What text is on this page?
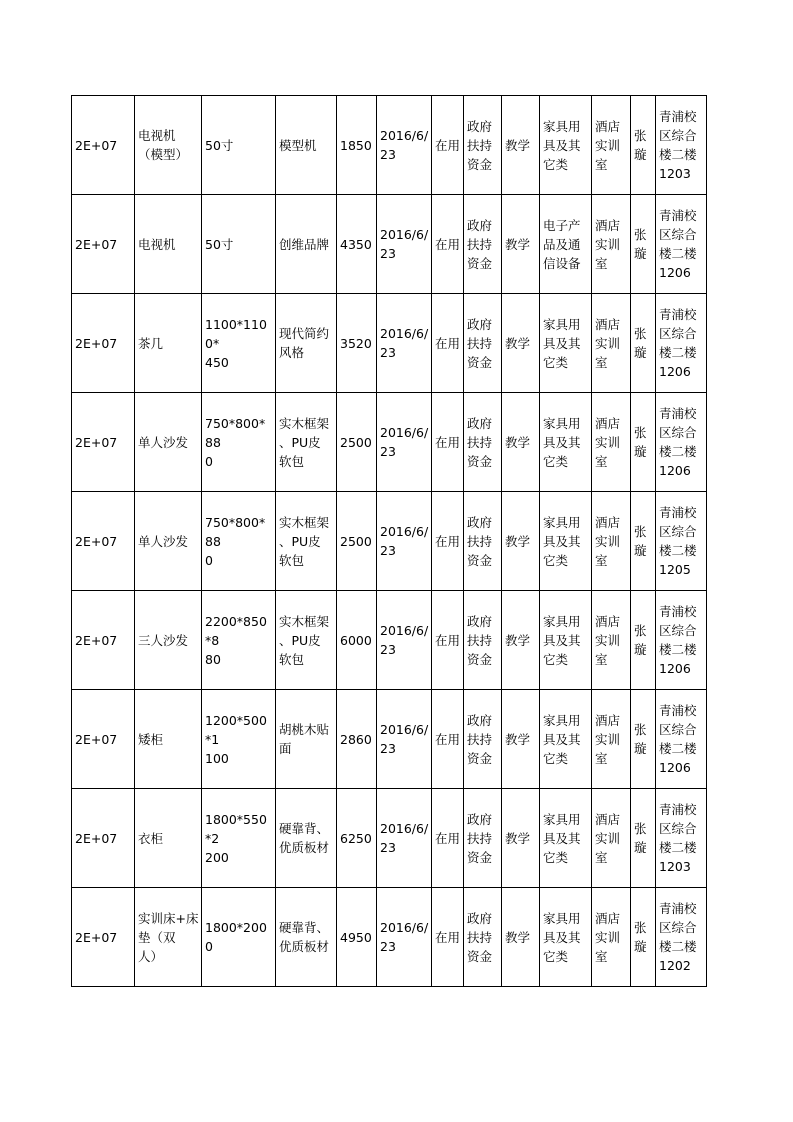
2E+07	电视机
（模型）	50寸	模型机	1850	2016/6/
23	在用	政府
扶持
资金	教学	家具用
具及其
它类	酒店
实训
室	张
璇	青浦校
区综合
楼二楼
1203

2E+07	电视机	50寸	创维品牌	4350	2016/6/
23	在用	政府
扶持
资金	教学	电子产
品及通
信设备	酒店
实训
室	张
璇	青浦校
区综合
楼二楼
1206

2E+07	茶几	1100*1100*
450	现代简约
风格	3520	2016/6/
23	在用	政府
扶持
资金	教学	家具用
具及其
它类	酒店
实训
室	张
璇	青浦校
区综合
楼二楼
1206

2E+07	单人沙发	750*800*88
0	实木框架
、PU皮
软包	2500	2016/6/
23	在用	政府
扶持
资金	教学	家具用
具及其
它类	酒店
实训
室	张
璇	青浦校
区综合
楼二楼
1206

2E+07	单人沙发	750*800*88
0	实木框架
、PU皮
软包	2500	2016/6/
23	在用	政府
扶持
资金	教学	家具用
具及其
它类	酒店
实训
室	张
璇	青浦校
区综合
楼二楼
1205

2E+07	三人沙发	2200*850*8
80	实木框架
、PU皮
软包	6000	2016/6/
23	在用	政府
扶持
资金	教学	家具用
具及其
它类	酒店
实训
室	张
璇	青浦校
区综合
楼二楼
1206

2E+07	矮柜	1200*500*1
100	胡桃木贴
面	2860	2016/6/
23	在用	政府
扶持
资金	教学	家具用
具及其
它类	酒店
实训
室	张
璇	青浦校
区综合
楼二楼
1206

2E+07	衣柜	1800*550*2
200	硬靠背、
优质板材	6250	2016/6/
23	在用	政府
扶持
资金	教学	家具用
具及其
它类	酒店
实训
室	张
璇	青浦校
区综合
楼二楼
1203

2E+07	实训床+床
垫（双
人）	1800*2000	硬靠背、
优质板材	4950	2016/6/
23	在用	政府
扶持
资金	教学	家具用
具及其
它类	酒店
实训
室	张
璇	青浦校
区综合
楼二楼
1202
